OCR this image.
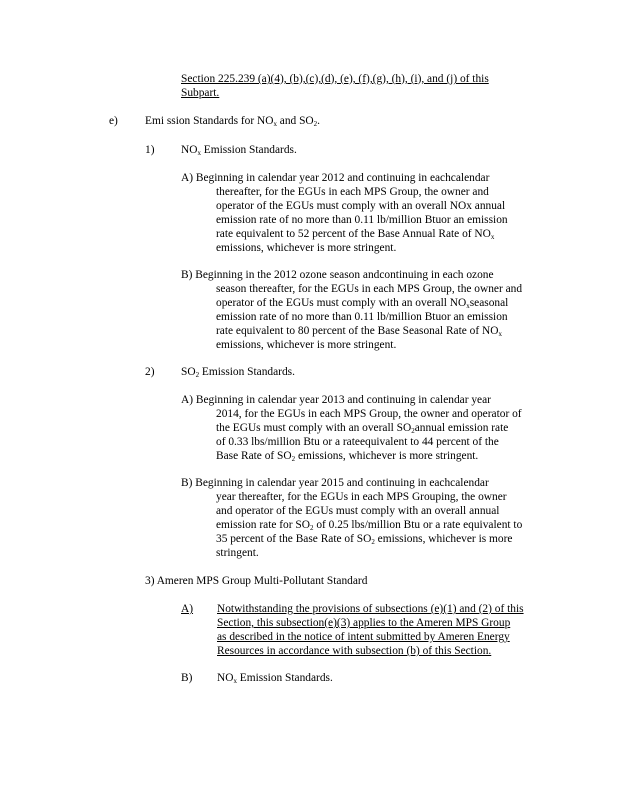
Section 225.239 (a)(4), (b),(c),(d), (e), (f),(g), (h), (i), and (j) of this
Subpart.
e) Emi ssion Standards for $NO_x$ and $SO_2$.
1) $NO_x$ Emission Standards.
A) Beginning in calendar year 2012 and continuing in eachcalendar
thereafter, for the EGUs in each MPS Group, the owner and
operator of the EGUs must comply with an overall NOx annual
emission rate of no more than 0.11 lb/million Btuor an emission
rate equivalent to 52 percent of the Base Annual Rate of $NO_x$
emissions, whichever is more stringent.
B) Beginning in the 2012 ozone season andcontinuing in each ozone
season thereafter, for the EGUs in each MPS Group, the owner and
operator of the EGUs must comply with an overall $NO_xseasonal$
emission rate of no more than 0.11 lb/million Btuor an emission
rate equivalent to 80 percent of the Base Seasonal Rate of $NO_x$
emissions, whichever is more stringent.
2) $SO_2$ Emission Standards.
A) Beginning in calendar year 2013 and continuing in calendar year
2014, for the EGUs in each MPS Group, the owner and operator of
the EGUs must comply with an overall $SO_2annual$ emission rate
of 0.33 lbs/million Btu or a rateequivalent to 44 percent of the
Base Rate of $SO_2$ emissions, whichever is more stringent.
B) Beginning in calendar year 2015 and continuing in eachcalendar
year thereafter, for the EGUs in each MPS Grouping, the owner
and operator of the EGUs must comply with an overall annual
emission rate for $SO_2$ of 0.25 lbs/million Btu or a rate equivalent to
35 percent of the Base Rate of $SO_2$ emissions, whichever is more
stringent.
3) Ameren MPS Group Multi-Pollutant Standard
A) Notwithstanding the provisions of subsections (e)(1) and (2) of this
Section, this subsection(e)(3) applies to the Ameren MPS Group
as described in the notice of intent submitted by Ameren Energy
Resources in accordance with subsection (b) of this Section.
B) $NO_x$ Emission Standards.
